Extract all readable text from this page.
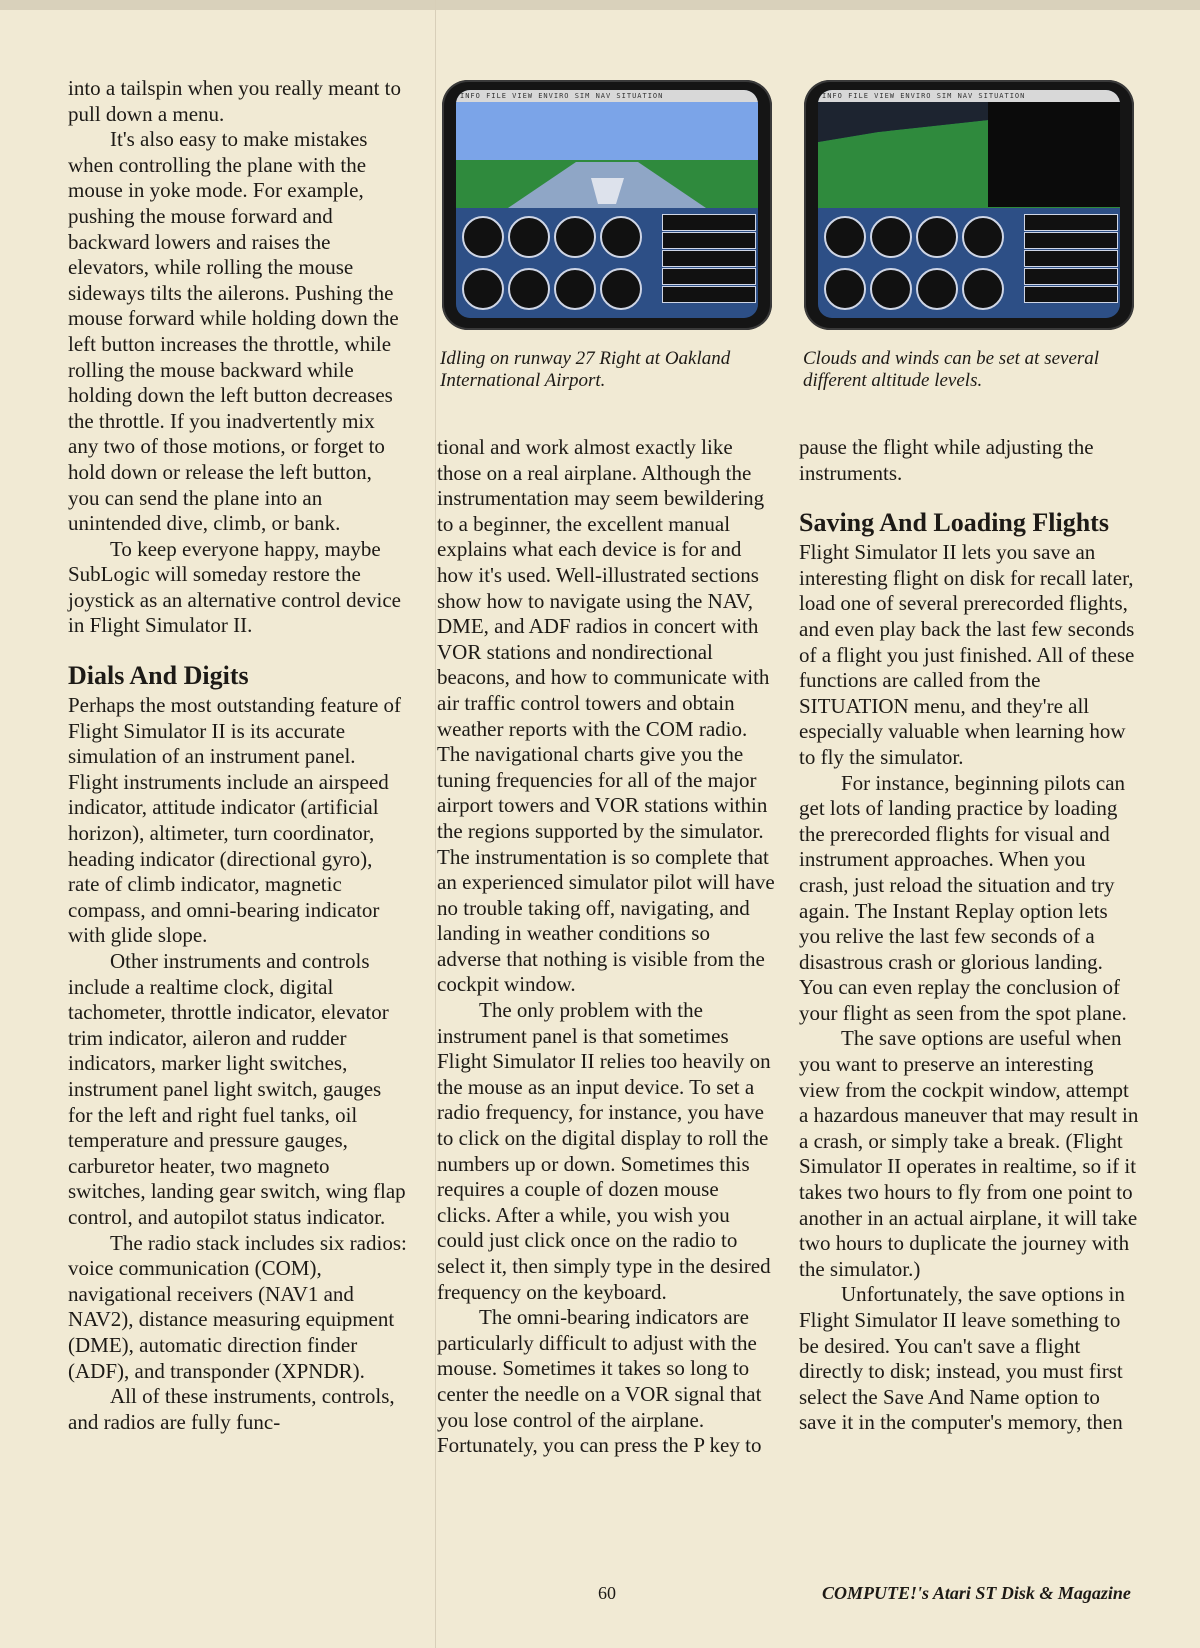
INFO FILE VIEW ENVIRO SIM NAV SITUATION
Idling on runway 27 Right at Oakland International Airport.
INFO FILE VIEW ENVIRO SIM NAV SITUATION
Clouds and winds can be set at several different altitude levels.

into a tailspin when you really meant to pull down a menu.

It's also easy to make mistakes when controlling the plane with the mouse in yoke mode. For example, pushing the mouse forward and backward lowers and raises the elevators, while rolling the mouse sideways tilts the ailerons. Pushing the mouse forward while holding down the left button increases the throttle, while rolling the mouse backward while holding down the left button decreases the throttle. If you inadvertently mix any two of those motions, or forget to hold down or release the left button, you can send the plane into an unintended dive, climb, or bank.

To keep everyone happy, maybe SubLogic will someday restore the joystick as an alternative control device in Flight Simulator II.

Dials And Digits

Perhaps the most outstanding feature of Flight Simulator II is its accurate simulation of an instrument panel. Flight instruments include an airspeed indicator, attitude indicator (artificial horizon), altimeter, turn coordinator, heading indicator (directional gyro), rate of climb indicator, magnetic compass, and omni-bearing indicator with glide slope.

Other instruments and controls include a realtime clock, digital tachometer, throttle indicator, elevator trim indicator, aileron and rudder indicators, marker light switches, instrument panel light switch, gauges for the left and right fuel tanks, oil temperature and pressure gauges, carburetor heater, two magneto switches, landing gear switch, wing flap control, and autopilot status indicator.

The radio stack includes six radios: voice communication (COM), navigational receivers (NAV1 and NAV2), distance measuring equipment (DME), automatic direction finder (ADF), and transponder (XPNDR).

All of these instruments, controls, and radios are fully func-

tional and work almost exactly like those on a real airplane. Although the instrumentation may seem bewildering to a beginner, the excellent manual explains what each device is for and how it's used. Well-illustrated sections show how to navigate using the NAV, DME, and ADF radios in concert with VOR stations and nondirectional beacons, and how to communicate with air traffic control towers and obtain weather reports with the COM radio. The navigational charts give you the tuning frequencies for all of the major airport towers and VOR stations within the regions supported by the simulator. The instrumentation is so complete that an experienced simulator pilot will have no trouble taking off, navigating, and landing in weather conditions so adverse that nothing is visible from the cockpit window.

The only problem with the instrument panel is that sometimes Flight Simulator II relies too heavily on the mouse as an input device. To set a radio frequency, for instance, you have to click on the digital display to roll the numbers up or down. Sometimes this requires a couple of dozen mouse clicks. After a while, you wish you could just click once on the radio to select it, then simply type in the desired frequency on the keyboard.

The omni-bearing indicators are particularly difficult to adjust with the mouse. Sometimes it takes so long to center the needle on a VOR signal that you lose control of the airplane. Fortunately, you can press the P key to

pause the flight while adjusting the instruments.

Saving And Loading Flights

Flight Simulator II lets you save an interesting flight on disk for recall later, load one of several prerecorded flights, and even play back the last few seconds of a flight you just finished. All of these functions are called from the SITUATION menu, and they're all especially valuable when learning how to fly the simulator.

For instance, beginning pilots can get lots of landing practice by loading the prerecorded flights for visual and instrument approaches. When you crash, just reload the situation and try again. The Instant Replay option lets you relive the last few seconds of a disastrous crash or glorious landing. You can even replay the conclusion of your flight as seen from the spot plane.

The save options are useful when you want to preserve an interesting view from the cockpit window, attempt a hazardous maneuver that may result in a crash, or simply take a break. (Flight Simulator II operates in realtime, so if it takes two hours to fly from one point to another in an actual airplane, it will take two hours to duplicate the journey with the simulator.)

Unfortunately, the save options in Flight Simulator II leave something to be desired. You can't save a flight directly to disk; instead, you must first select the Save And Name option to save it in the computer's memory, then

60	COMPUTE!'s Atari ST Disk & Magazine
